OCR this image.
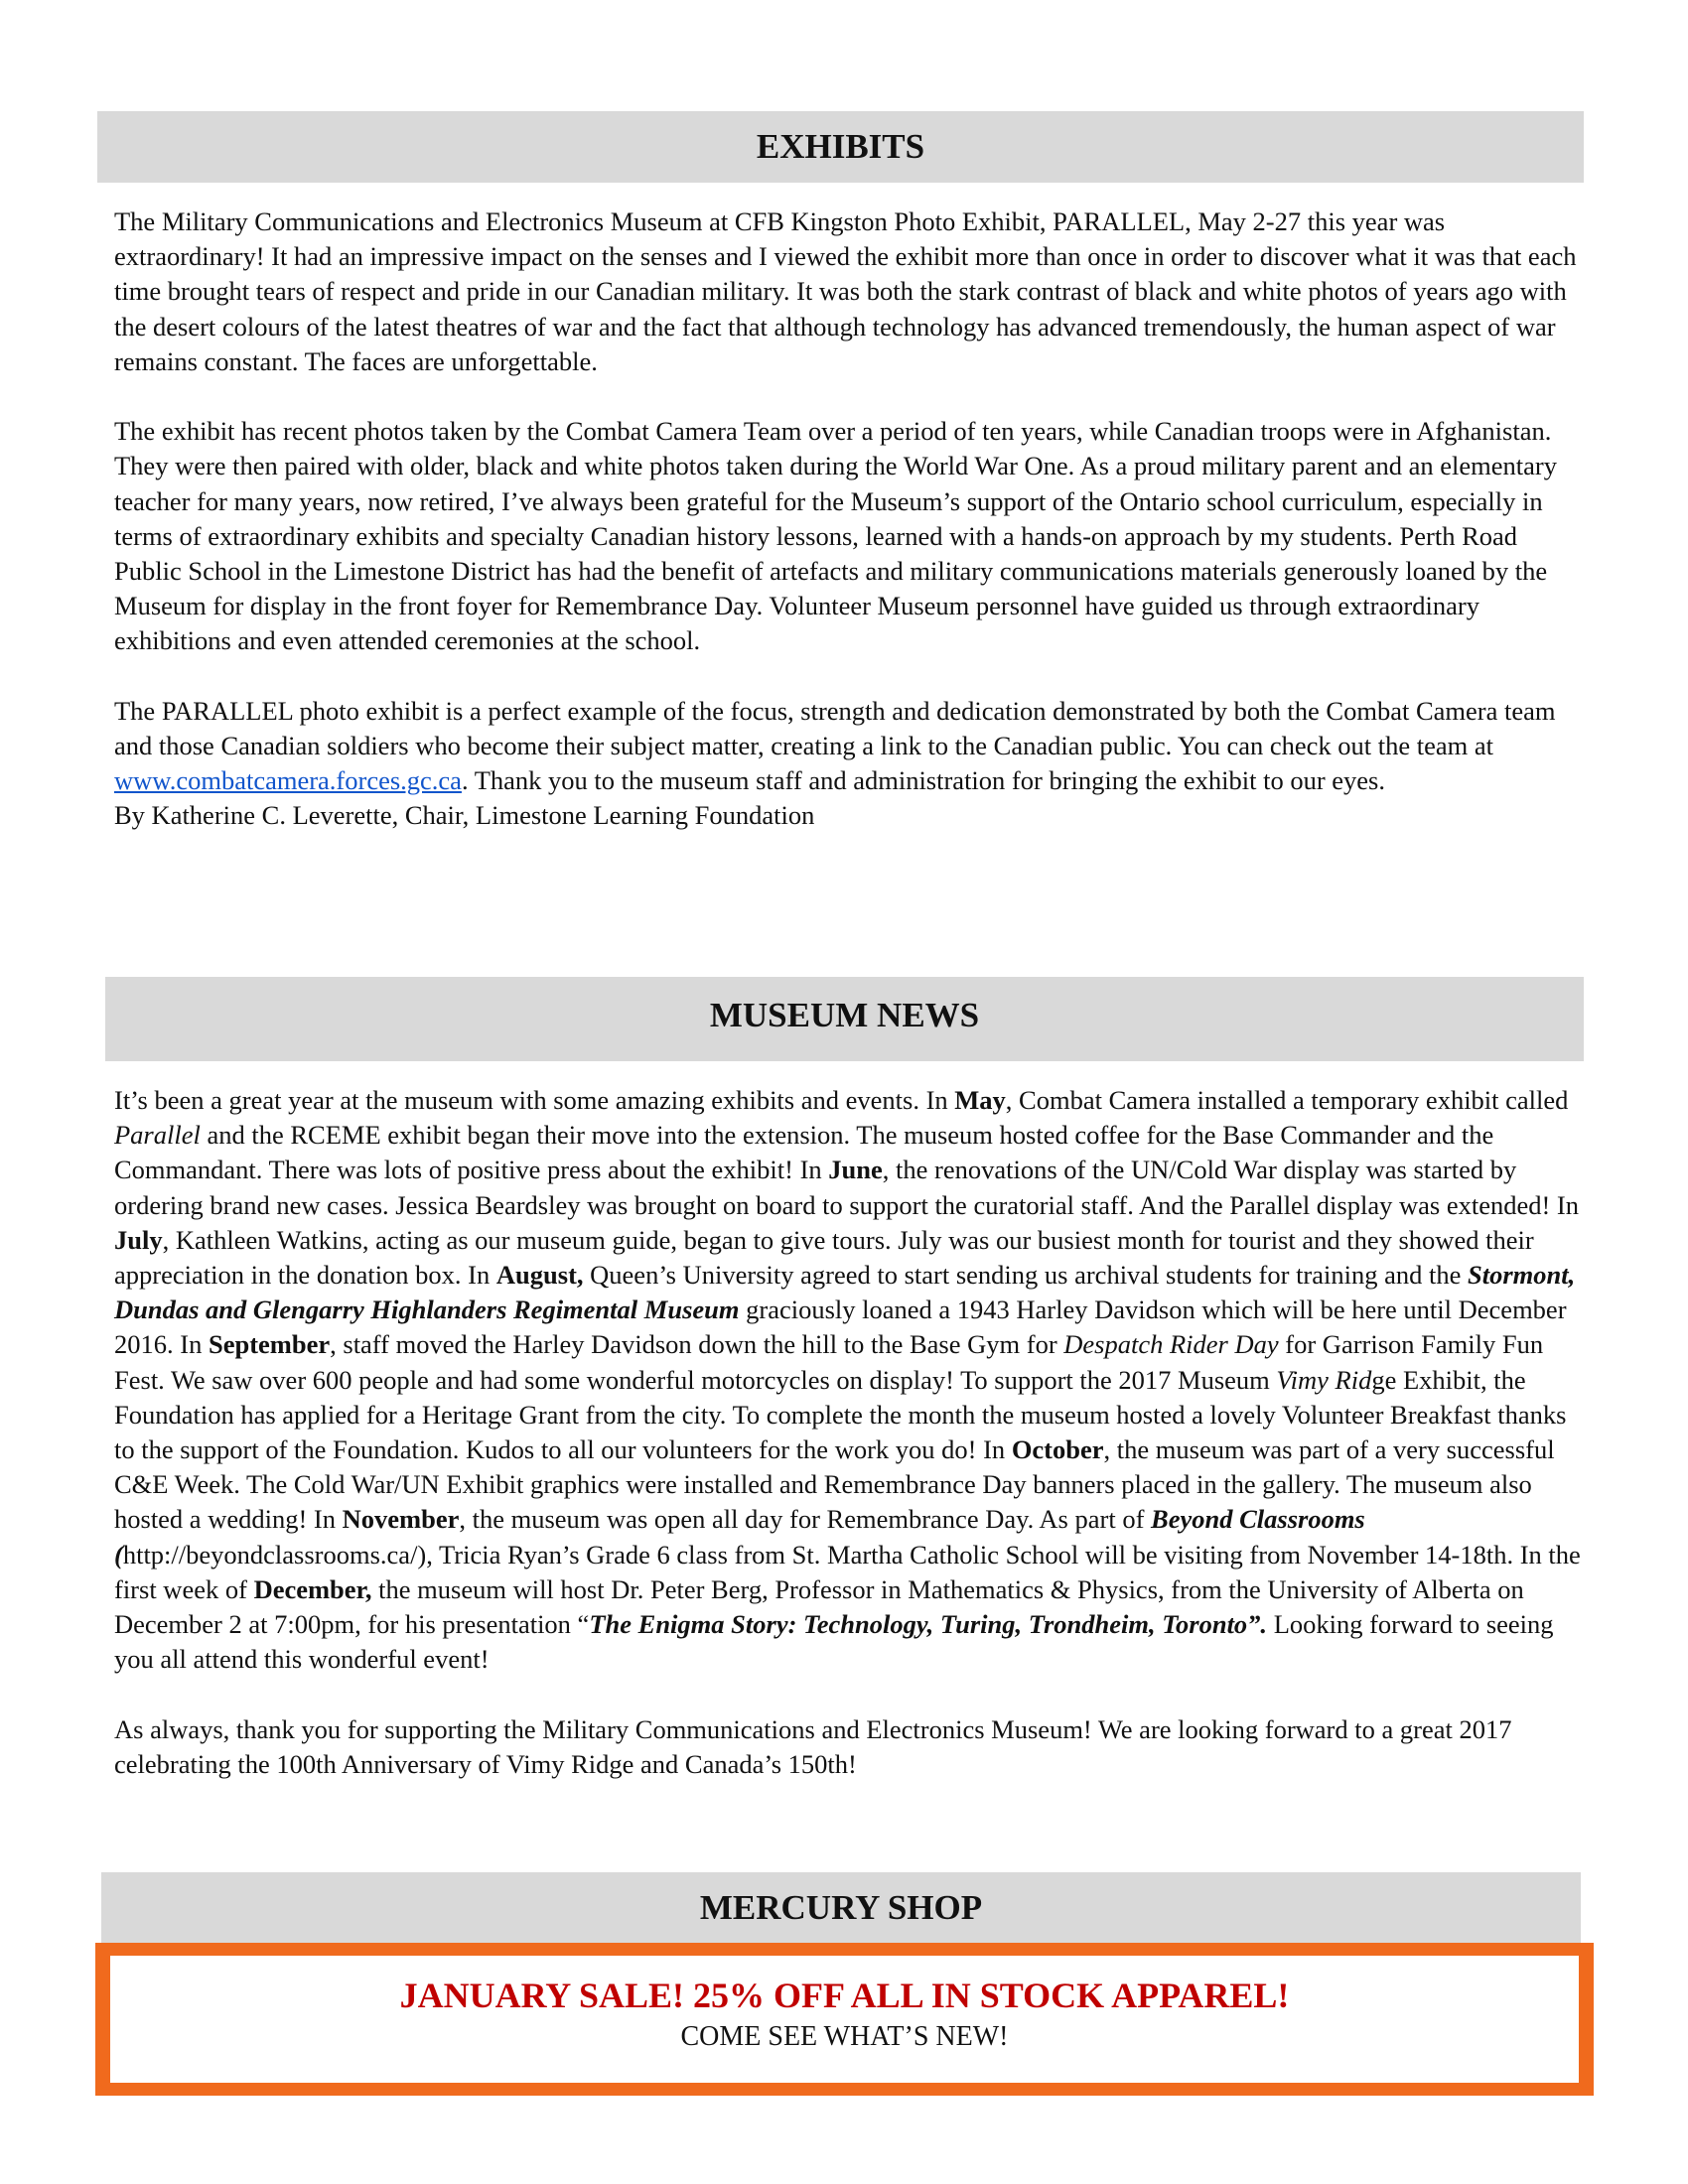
EXHIBITS

The Military Communications and Electronics Museum at CFB Kingston Photo Exhibit, PARALLEL, May 2-27 this year was extraordinary! It had an impressive impact on the senses and I viewed the exhibit more than once in order to discover what it was that each time brought tears of respect and pride in our Canadian military. It was both the stark contrast of black and white photos of years ago with the desert colours of the latest theatres of war and the fact that although technology has advanced tremendously, the human aspect of war remains constant. The faces are unforgettable.

The exhibit has recent photos taken by the Combat Camera Team over a period of ten years, while Canadian troops were in Afghanistan. They were then paired with older, black and white photos taken during the World War One. As a proud military parent and an elementary teacher for many years, now retired, I’ve always been grateful for the Museum’s support of the Ontario school curriculum, especially in terms of extraordinary exhibits and specialty Canadian history lessons, learned with a hands-on approach by my students. Perth Road Public School in the Limestone District has had the benefit of artefacts and military communications materials generously loaned by the Museum for display in the front foyer for Remembrance Day. Volunteer Museum personnel have guided us through extraordinary exhibitions and even attended ceremonies at the school.

The PARALLEL photo exhibit is a perfect example of the focus, strength and dedication demonstrated by both the Combat Camera team and those Canadian soldiers who become their subject matter, creating a link to the Canadian public. You can check out the team at www.combatcamera.forces.gc.ca. Thank you to the museum staff and administration for bringing the exhibit to our eyes.
By Katherine C. Leverette, Chair, Limestone Learning Foundation

MUSEUM NEWS

It’s been a great year at the museum with some amazing exhibits and events. In May, Combat Camera installed a temporary exhibit called Parallel and the RCEME exhibit began their move into the extension. The museum hosted coffee for the Base Commander and the Commandant. There was lots of positive press about the exhibit! In June, the renovations of the UN/Cold War display was started by ordering brand new cases. Jessica Beardsley was brought on board to support the curatorial staff. And the Parallel display was extended! In July, Kathleen Watkins, acting as our museum guide, began to give tours. July was our busiest month for tourist and they showed their appreciation in the donation box. In August, Queen’s University agreed to start sending us archival students for training and the Stormont, Dundas and Glengarry Highlanders Regimental Museum graciously loaned a 1943 Harley Davidson which will be here until December 2016. In September, staff moved the Harley Davidson down the hill to the Base Gym for Despatch Rider Day for Garrison Family Fun Fest. We saw over 600 people and had some wonderful motorcycles on display! To support the 2017 Museum Vimy Ridge Exhibit, the Foundation has applied for a Heritage Grant from the city. To complete the month the museum hosted a lovely Volunteer Breakfast thanks to the support of the Foundation. Kudos to all our volunteers for the work you do! In October, the museum was part of a very successful C&E Week. The Cold War/UN Exhibit graphics were installed and Remembrance Day banners placed in the gallery. The museum also hosted a wedding! In November, the museum was open all day for Remembrance Day. As part of Beyond Classrooms (http://beyondclassrooms.ca/), Tricia Ryan’s Grade 6 class from St. Martha Catholic School will be visiting from November 14-18th. In the first week of December, the museum will host Dr. Peter Berg, Professor in Mathematics & Physics, from the University of Alberta on December 2 at 7:00pm, for his presentation “The Enigma Story: Technology, Turing, Trondheim, Toronto”. Looking forward to seeing you all attend this wonderful event!

As always, thank you for supporting the Military Communications and Electronics Museum! We are looking forward to a great 2017 celebrating the 100th Anniversary of Vimy Ridge and Canada’s 150th!

MERCURY SHOP
JANUARY SALE! 25% OFF ALL IN STOCK APPAREL!
COME SEE WHAT’S NEW!
